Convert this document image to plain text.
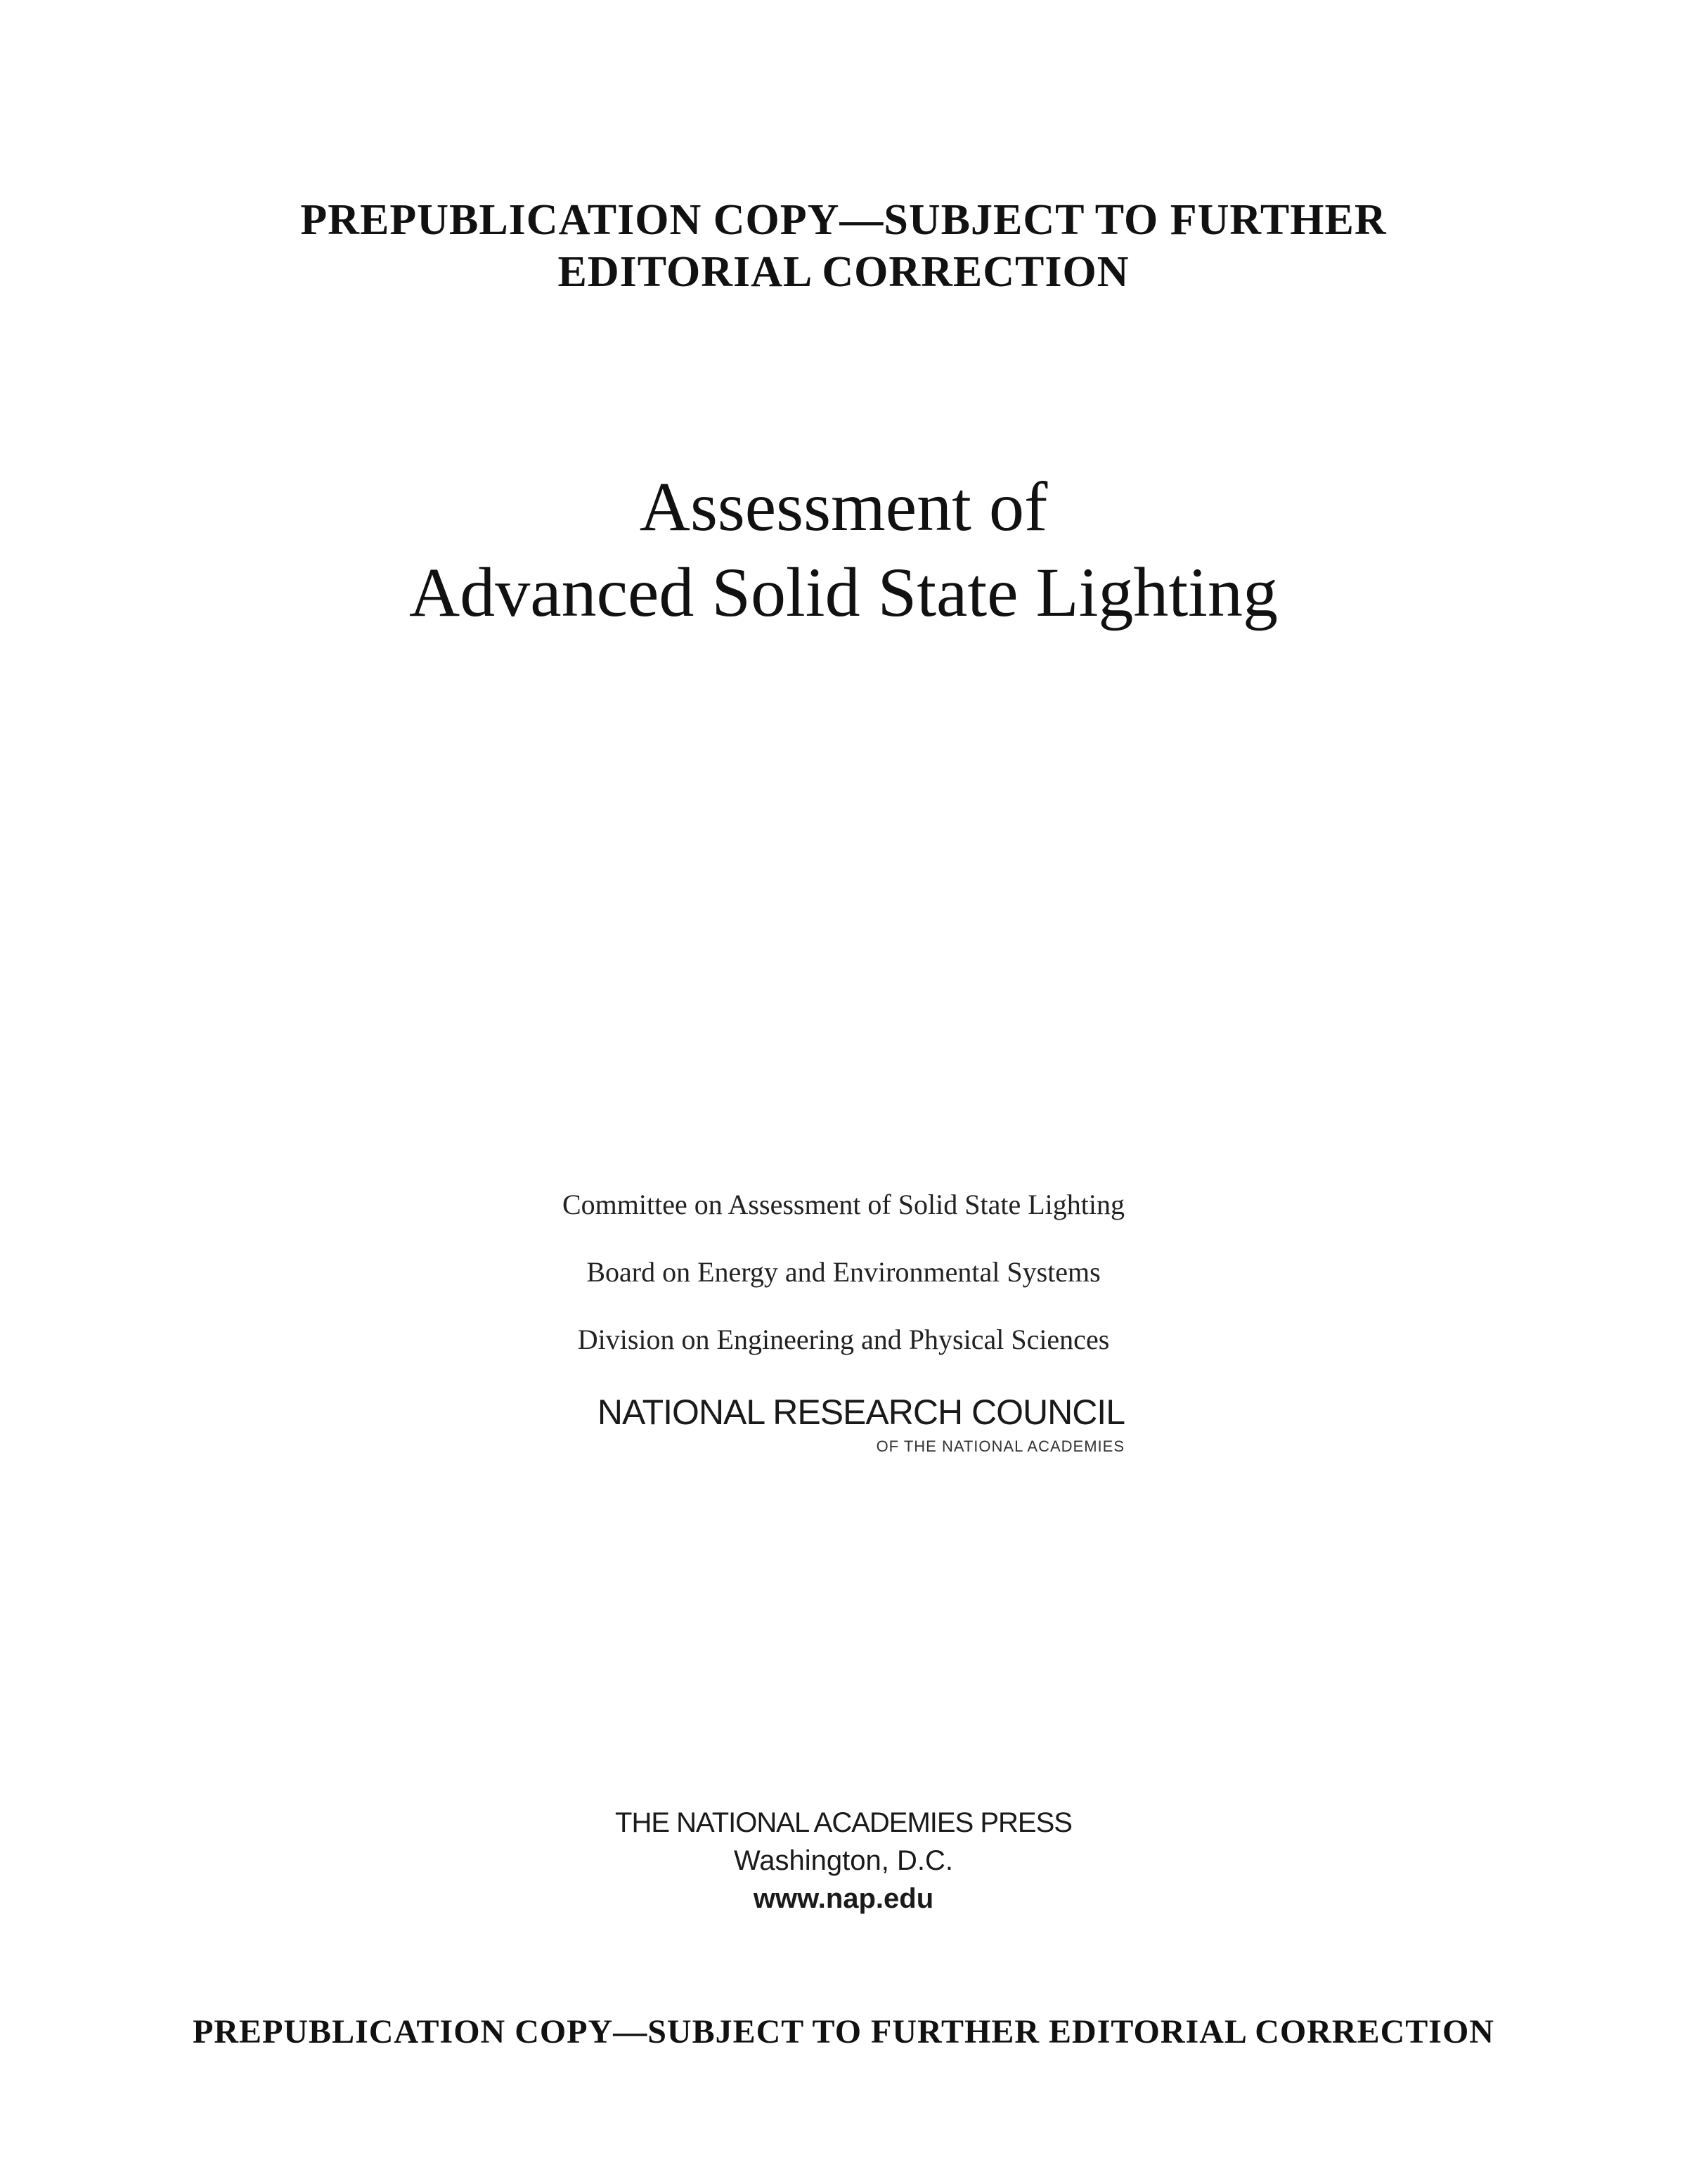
PREPUBLICATION COPY—SUBJECT TO FURTHER
EDITORIAL CORRECTION
Assessment of
Advanced Solid State Lighting
Committee on Assessment of Solid State Lighting
Board on Energy and Environmental Systems
Division on Engineering and Physical Sciences
NATIONAL RESEARCH COUNCIL
OF THE NATIONAL ACADEMIES
THE NATIONAL ACADEMIES PRESS
Washington, D.C.
www.nap.edu
PREPUBLICATION COPY—SUBJECT TO FURTHER EDITORIAL CORRECTION
